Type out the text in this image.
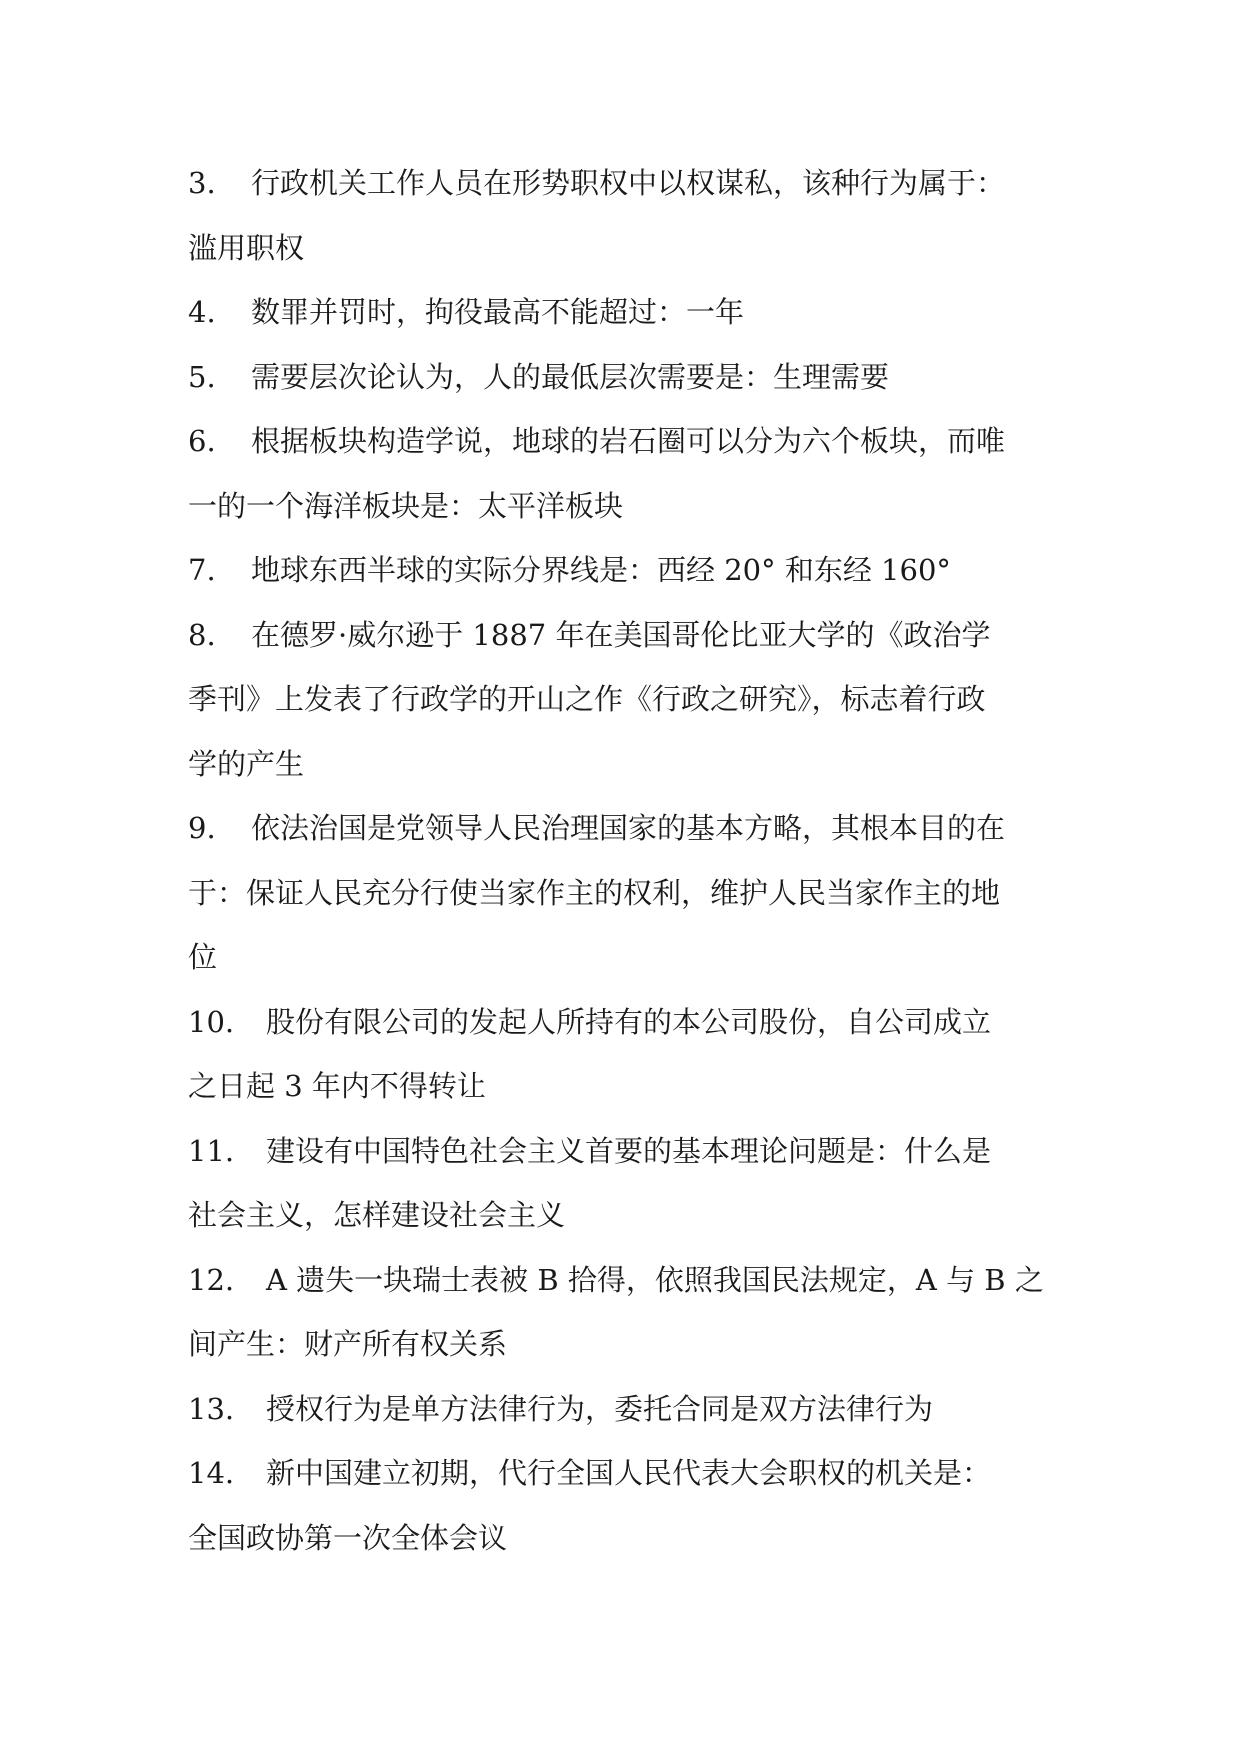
3. 行政机关工作人员在形势职权中以权谋私，该种行为属于：
滥用职权
4. 数罪并罚时，拘役最高不能超过：一年
5. 需要层次论认为，人的最低层次需要是：生理需要
6. 根据板块构造学说，地球的岩石圈可以分为六个板块，而唯
一的一个海洋板块是：太平洋板块
7. 地球东西半球的实际分界线是：西经 20° 和东经 160°
8. 在德罗·威尔逊于 1887 年在美国哥伦比亚大学的《政治学
季刊》上发表了行政学的开山之作《行政之研究》，标志着行政
学的产生
9. 依法治国是党领导人民治理国家的基本方略，其根本目的在
于：保证人民充分行使当家作主的权利，维护人民当家作主的地
位
10. 股份有限公司的发起人所持有的本公司股份，自公司成立
之日起 3 年内不得转让
11. 建设有中国特色社会主义首要的基本理论问题是：什么是
社会主义，怎样建设社会主义
12. A 遗失一块瑞士表被 B 拾得，依照我国民法规定，A 与 B 之
间产生：财产所有权关系
13. 授权行为是单方法律行为，委托合同是双方法律行为
14. 新中国建立初期，代行全国人民代表大会职权的机关是：
全国政协第一次全体会议
